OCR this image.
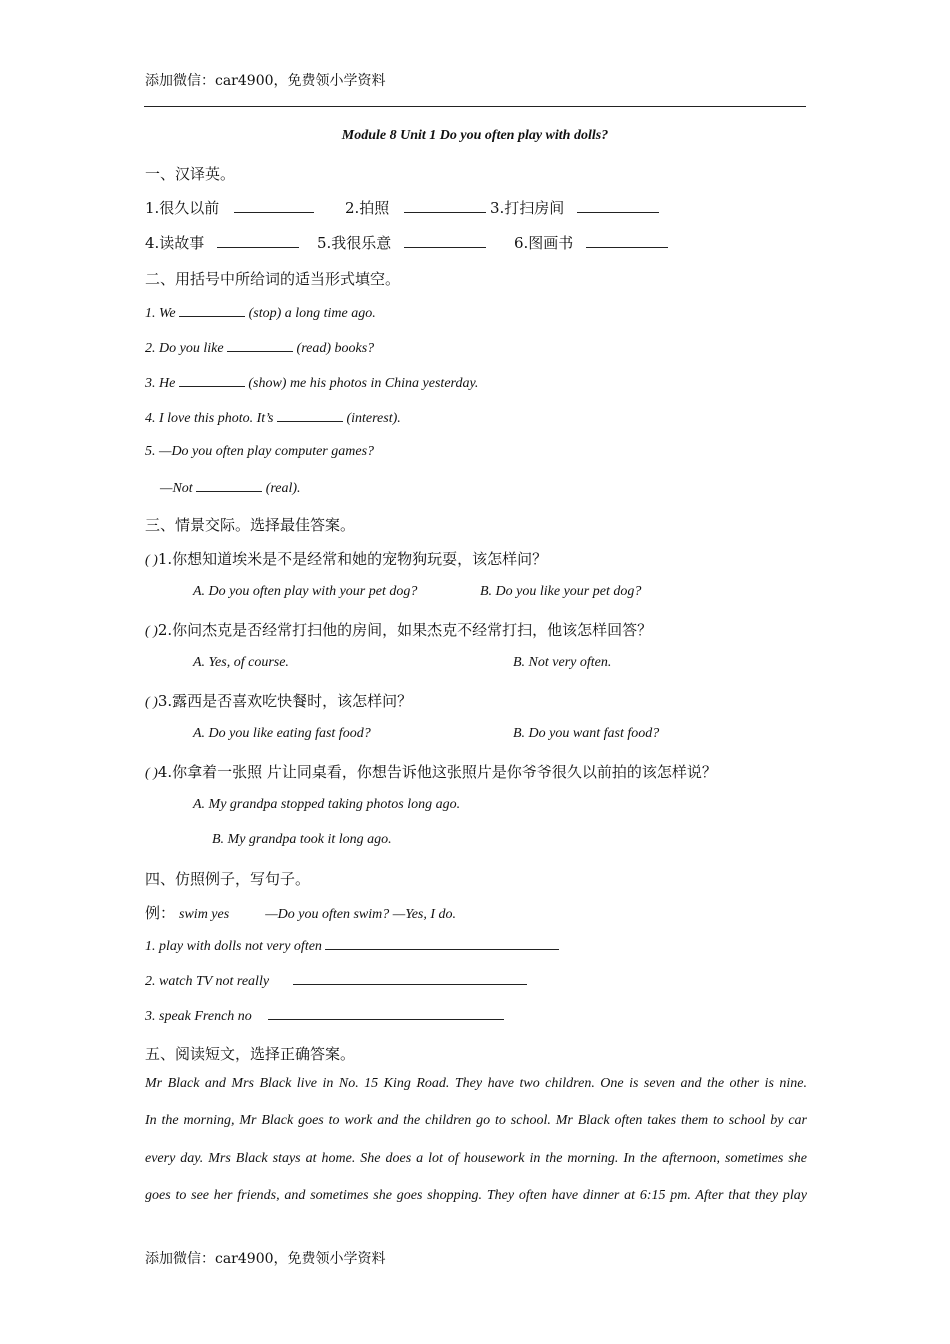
添加微信：car4900，免费领小学资料
Module 8 Unit 1 Do you often play with dolls?
一、汉译英。
1.很久以前	2.拍照	3.打扫房间
4.读故事	5.我很乐意	6.图画书
二、用括号中所给词的适当形式填空。
1. We	(stop) a long time ago.
2. Do you like	(read) books?
3. He	(show) me his photos in China yesterday.
4. I love this photo. It’s	(interest).
5. —Do you often play computer games?
—Not	(real).
三、情景交际。选择最佳答案。
( )1.你想知道埃米是不是经常和她的宠物狗玩耍，该怎样问？
A. Do you often play with your pet dog?	B. Do you like your pet dog?
( )2.你问杰克是否经常打扫他的房间，如果杰克不经常打扫，他该怎样回答？
A. Yes, of course.	B. Not very often.
( )3.露西是否喜欢吃快餐时，该怎样问？
A. Do you like eating fast food?	B. Do you want fast food?
( )4.你拿着一张照 片让同桌看，你想告诉他这张照片是你爷爷很久以前拍的该怎样说？
A. My grandpa stopped taking photos long ago.
B. My grandpa took it long ago.
四、仿照例子，写句子。
例： swim yes	—Do you often swim? —Yes, I do.
1. play with dolls not very often
2. watch TV not really
3. speak French no
五、阅读短文，选择正确答案。
Mr Black and Mrs Black live in No. 15 King Road. They have two children. One is seven and the other is nine.
In the morning, Mr Black goes to work and the children go to school. Mr Black often takes them to school by car
every day. Mrs Black stays at home. She does a lot of housework in the morning. In the afternoon, sometimes she
goes to see her friends, and sometimes she goes shopping. They often have dinner at 6:15 pm. After that they play
添加微信：car4900，免费领小学资料
